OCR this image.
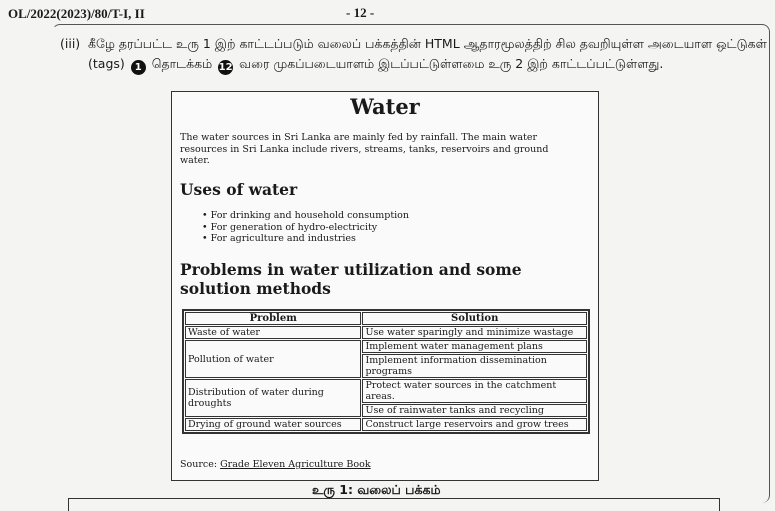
OL/2022(2023)/80/T-I, II	- 12 -
(iii) கீழே தரப்பட்ட உரு 1 இற் காட்டப்படும் வலைப் பக்கத்தின் HTML ஆதாரமூலத்திற் சில தவறியுள்ள அடையாள ஒட்டுகள் (tags) 1 தொடக்கம் 12 வரை முகப்படையாளம் இடப்பட்டுள்ளமை உரு 2 இற் காட்டப்பட்டுள்ளது.
Water
The water sources in Sri Lanka are mainly fed by rainfall. The main water resources in Sri Lanka include rivers, streams, tanks, reservoirs and ground water.
Uses of water
• For drinking and household consumption
• For generation of hydro-electricity
• For agriculture and industries
Problems in water utilization and some solution methods
Problem	Solution
Waste of water	Use water sparingly and minimize wastage
Pollution of water	Implement water management plans
	Implement information dissemination programs
Distribution of water during droughts	Protect water sources in the catchment areas.
	Use of rainwater tanks and recycling
Drying of ground water sources	Construct large reservoirs and grow trees
Source: Grade Eleven Agriculture Book
உரு 1: வலைப் பக்கம்
